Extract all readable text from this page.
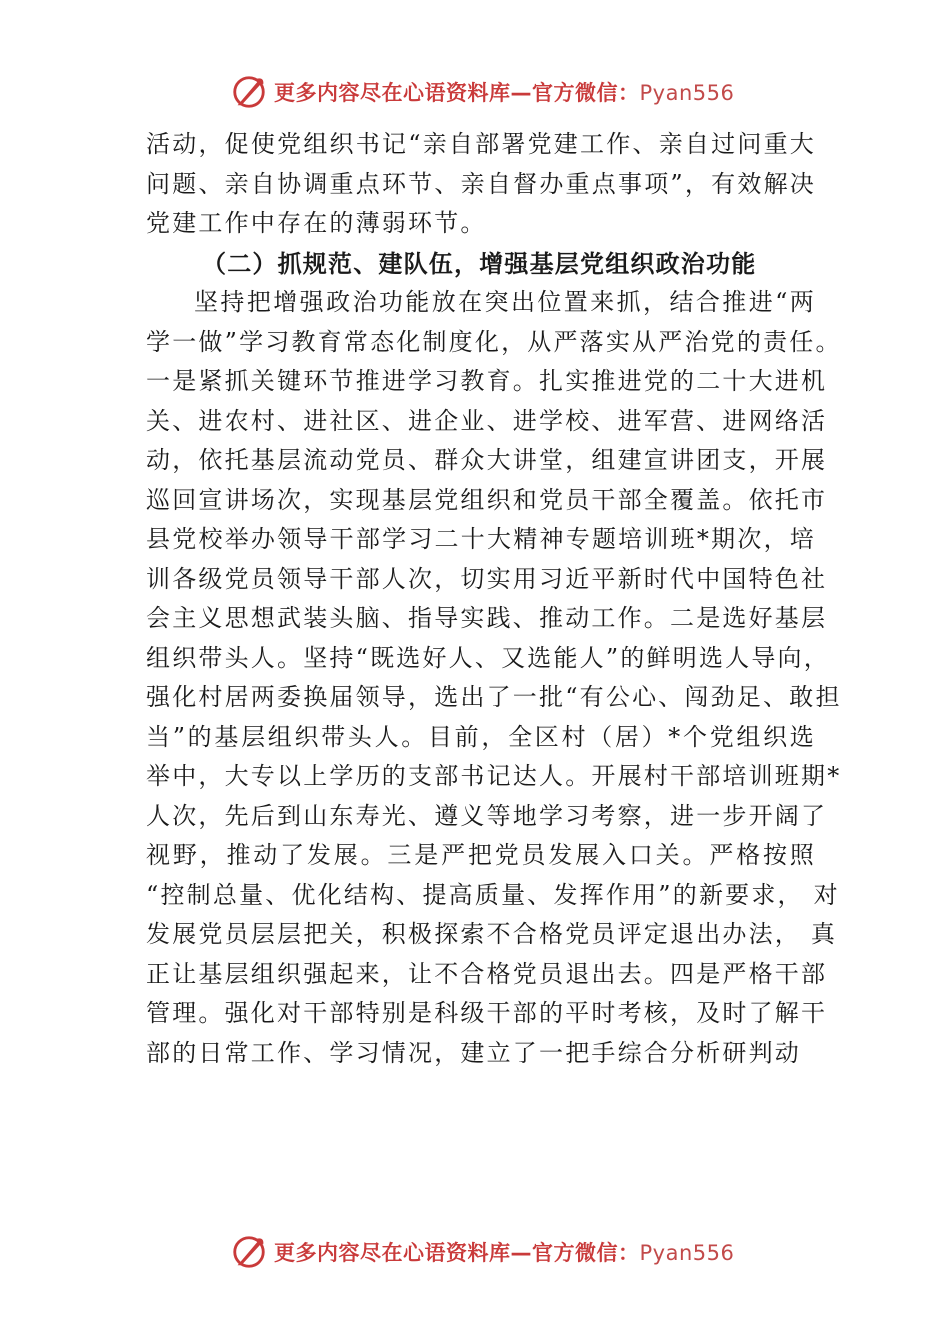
更多内容尽在心语资料库—官方微信：Pyan556
活动，促使党组织书记“亲自部署党建工作、亲自过问重大
问题、亲自协调重点环节、亲自督办重点事项”，有效解决
党建工作中存在的薄弱环节。
（二）抓规范、建队伍，增强基层党组织政治功能
坚持把增强政治功能放在突出位置来抓，结合推进“两
学一做”学习教育常态化制度化，从严落实从严治党的责任。
一是紧抓关键环节推进学习教育。扎实推进党的二十大进机
关、进农村、进社区、进企业、进学校、进军营、进网络活
动，依托基层流动党员、群众大讲堂，组建宣讲团支，开展
巡回宣讲场次，实现基层党组织和党员干部全覆盖。依托市
县党校举办领导干部学习二十大精神专题培训班*期次，培
训各级党员领导干部人次，切实用习近平新时代中国特色社
会主义思想武装头脑、指导实践、推动工作。二是选好基层
组织带头人。坚持“既选好人、又选能人”的鲜明选人导向，
强化村居两委换届领导，选出了一批“有公心、闯劲足、敢担
当”的基层组织带头人。目前，全区村（居）*个党组织选
举中，大专以上学历的支部书记达人。开展村干部培训班期*
人次，先后到山东寿光、遵义等地学习考察，进一步开阔了
视野，推动了发展。三是严把党员发展入口关。严格按照
“控制总量、优化结构、提高质量、发挥作用”的新要求， 对
发展党员层层把关，积极探索不合格党员评定退出办法， 真
正让基层组织强起来，让不合格党员退出去。四是严格干部
管理。强化对干部特别是科级干部的平时考核，及时了解干
部的日常工作、学习情况，建立了一把手综合分析研判动
更多内容尽在心语资料库—官方微信：Pyan556
